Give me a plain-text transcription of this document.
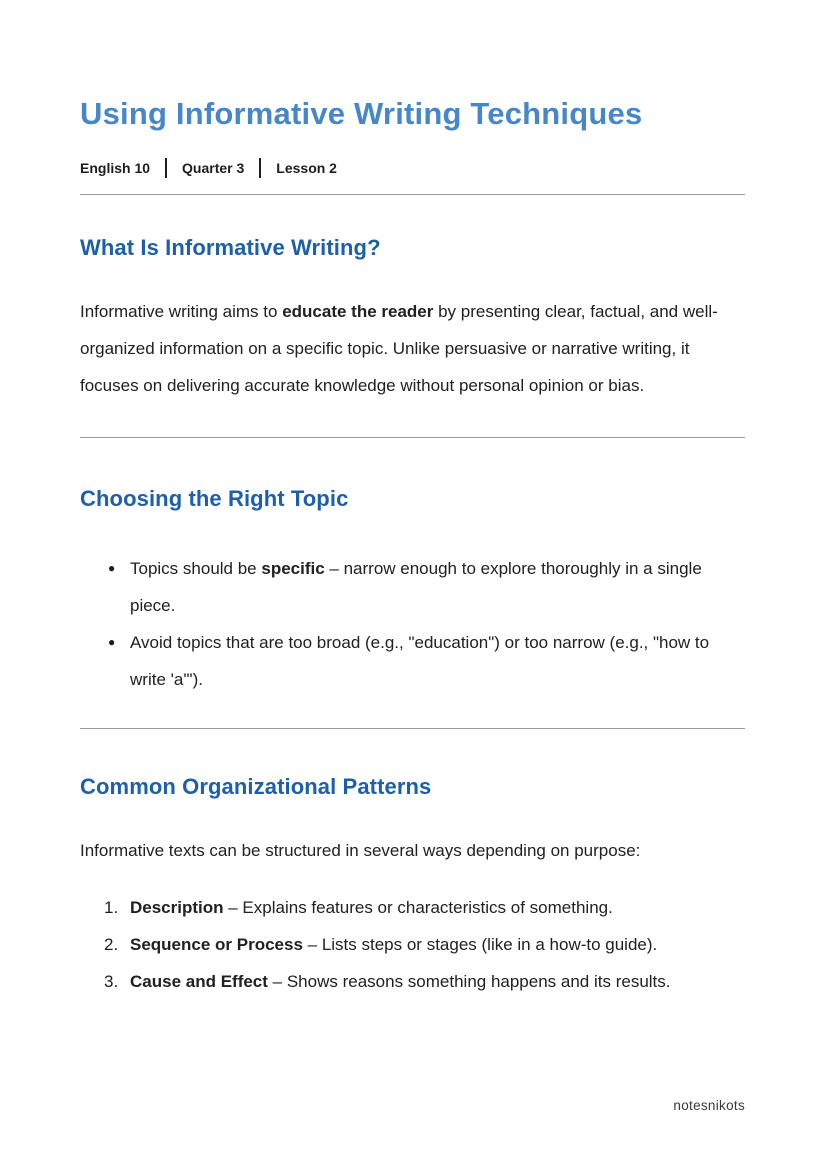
Using Informative Writing Techniques
English 10 Quarter 3 Lesson 2
What Is Informative Writing?

Informative writing aims to educate the reader by presenting clear, factual, and well-organized information on a specific topic. Unlike persuasive or narrative writing, it focuses on delivering accurate knowledge without personal opinion or bias.

Choosing the Right Topic
● Topics should be specific – narrow enough to explore thoroughly in a single piece.
● Avoid topics that are too broad (e.g., "education") or too narrow (e.g., "how to write 'a'").
Common Organizational Patterns

Informative texts can be structured in several ways depending on purpose:

1. Description – Explains features or characteristics of something.
2. Sequence or Process – Lists steps or stages (like in a how-to guide).
3. Cause and Effect – Shows reasons something happens and its results.
notesnikots
